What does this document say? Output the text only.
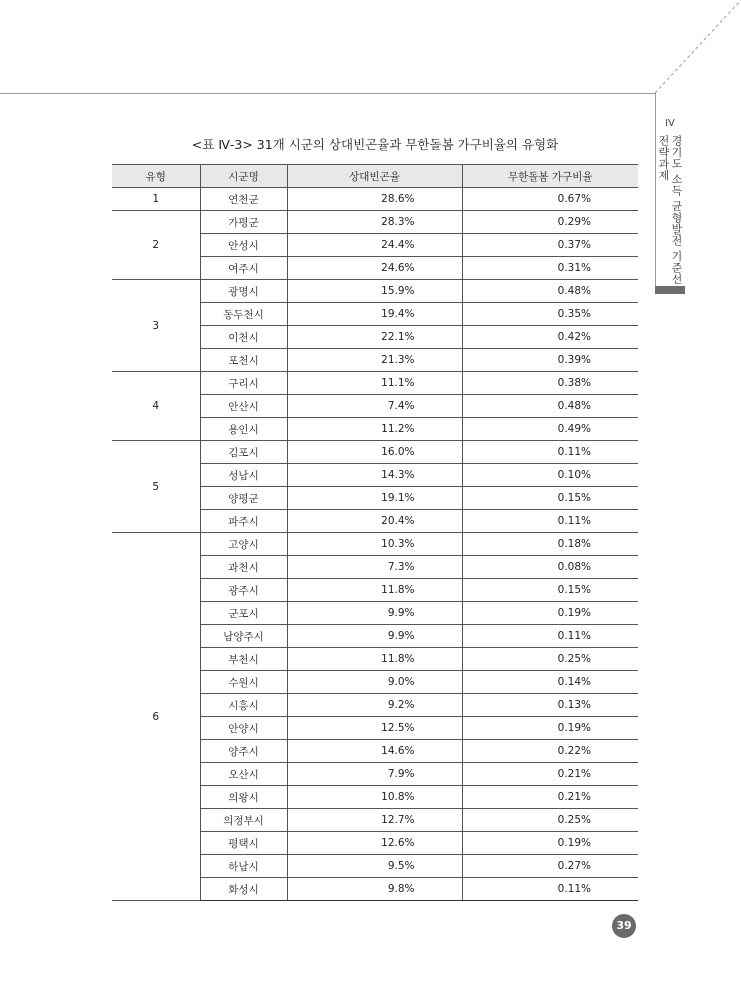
IV
경기도 소득 균형발전 기준선 전략과제
<표 Ⅳ-3> 31개 시군의 상대빈곤율과 무한돌봄 가구비율의 유형화
유형	시군명	상대빈곤율	무한돌봄 가구비율
1	연천군	28.6%	0.67%
2	가평군	28.3%	0.29%
	안성시	24.4%	0.37%
	여주시	24.6%	0.31%
3	광명시	15.9%	0.48%
	동두천시	19.4%	0.35%
	이천시	22.1%	0.42%
	포천시	21.3%	0.39%
4	구리시	11.1%	0.38%
	안산시	7.4%	0.48%
	용인시	11.2%	0.49%
5	김포시	16.0%	0.11%
	성남시	14.3%	0.10%
	양평군	19.1%	0.15%
	파주시	20.4%	0.11%
6	고양시	10.3%	0.18%
	과천시	7.3%	0.08%
	광주시	11.8%	0.15%
	군포시	9.9%	0.19%
	남양주시	9.9%	0.11%
	부천시	11.8%	0.25%
	수원시	9.0%	0.14%
	시흥시	9.2%	0.13%
	안양시	12.5%	0.19%
	양주시	14.6%	0.22%
	오산시	7.9%	0.21%
	의왕시	10.8%	0.21%
	의정부시	12.7%	0.25%
	평택시	12.6%	0.19%
	하남시	9.5%	0.27%
	화성시	9.8%	0.11%
39
